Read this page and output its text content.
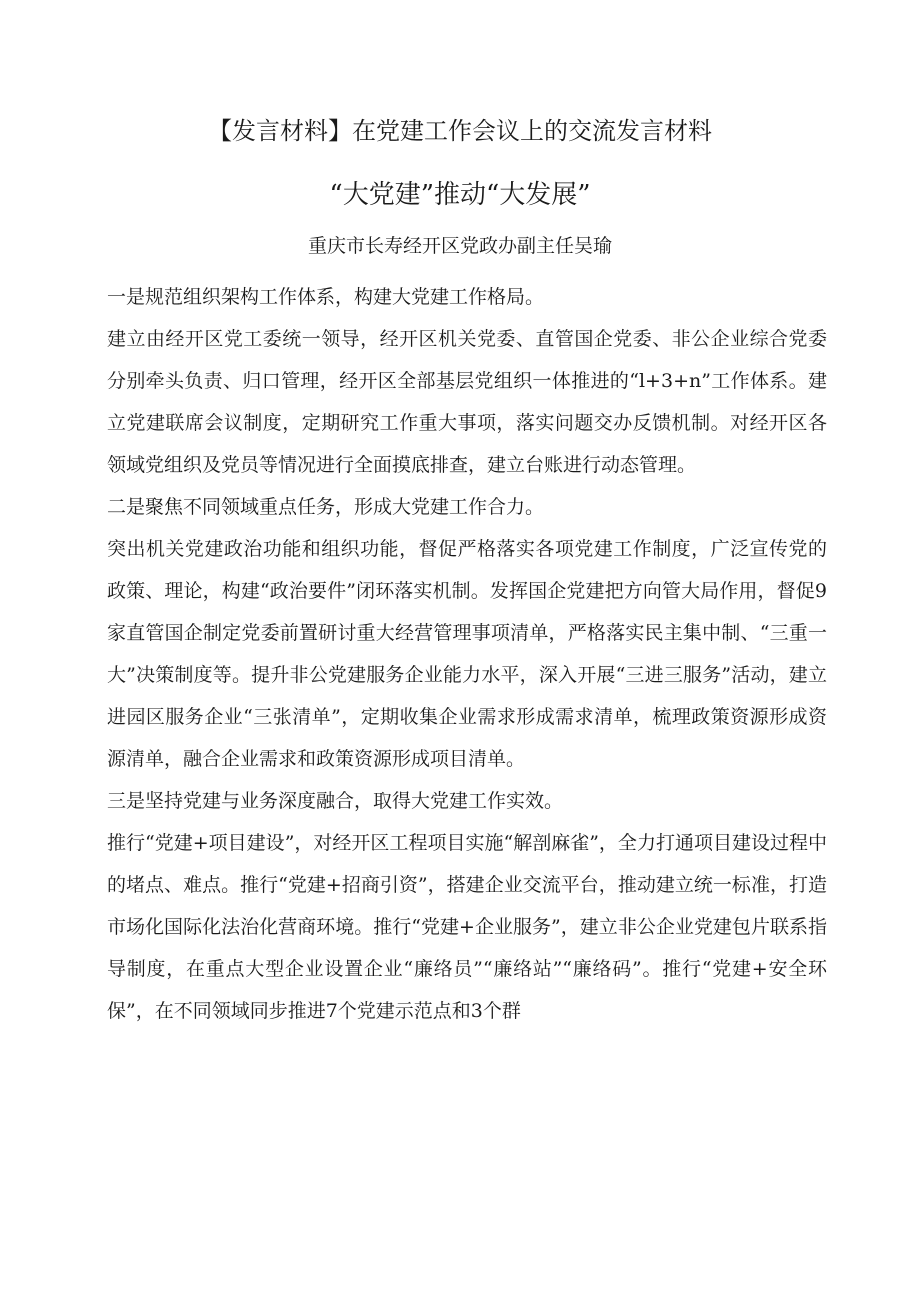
【发言材料】在党建工作会议上的交流发言材料
“大党建”推动“大发展”
重庆市长寿经开区党政办副主任吴瑜

一是规范组织架构工作体系，构建大党建工作格局。

建立由经开区党工委统一领导，经开区机关党委、直管国企党委、非公企业综合党委分别牵头负责、归口管理，经开区全部基层党组织一体推进的“l+3+n”工作体系。建立党建联席会议制度，定期研究工作重大事项，落实问题交办反馈机制。对经开区各领域党组织及党员等情况进行全面摸底排查，建立台账进行动态管理。

二是聚焦不同领域重点任务，形成大党建工作合力。

突出机关党建政治功能和组织功能，督促严格落实各项党建工作制度，广泛宣传党的政策、理论，构建“政治要件”闭环落实机制。发挥国企党建把方向管大局作用，督促9家直管国企制定党委前置研讨重大经营管理事项清单，严格落实民主集中制、“三重一大”决策制度等。提升非公党建服务企业能力水平，深入开展“三进三服务”活动，建立进园区服务企业“三张清单”，定期收集企业需求形成需求清单，梳理政策资源形成资源清单，融合企业需求和政策资源形成项目清单。

三是坚持党建与业务深度融合，取得大党建工作实效。

推行“党建+项目建设”，对经开区工程项目实施“解剖麻雀”，全力打通项目建设过程中的堵点、难点。推行“党建+招商引资”，搭建企业交流平台，推动建立统一标准，打造市场化国际化法治化营商环境。推行“党建+企业服务”，建立非公企业党建包片联系指导制度，在重点大型企业设置企业“廉络员”“廉络站”“廉络码”。推行“党建+安全环保”，在不同领域同步推进7个党建示范点和3个群
